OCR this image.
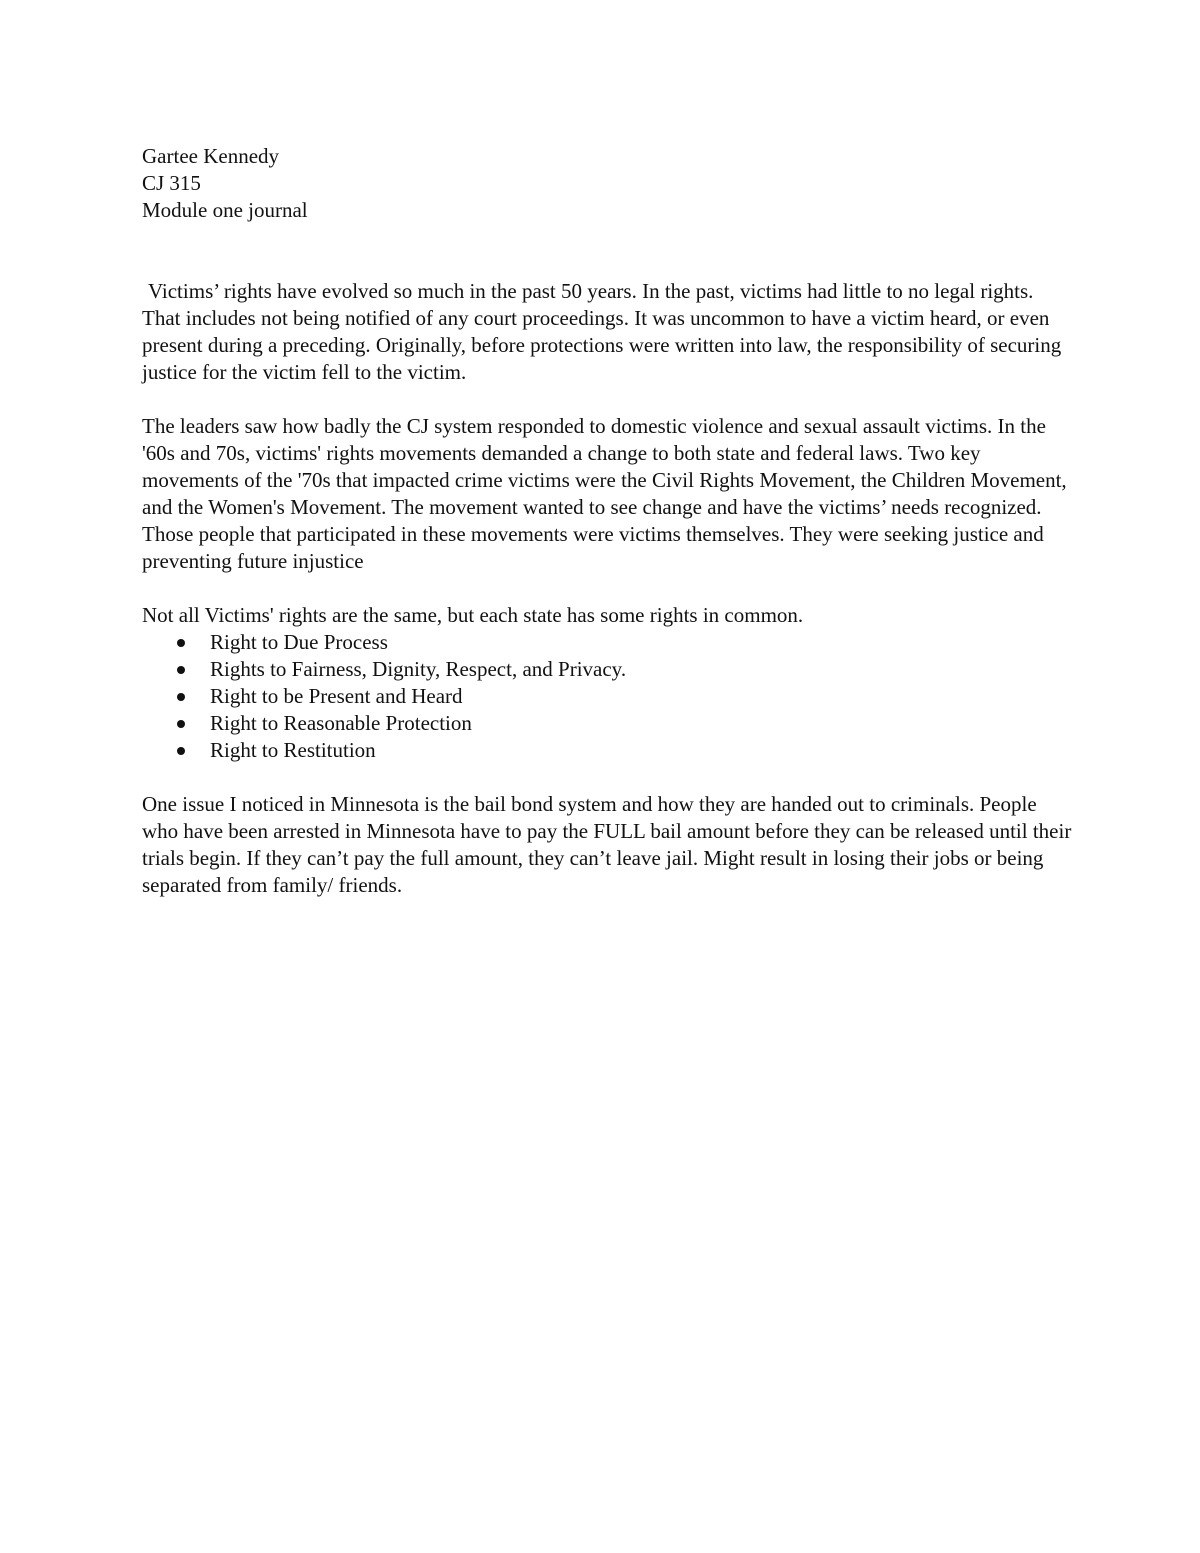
Gartee Kennedy
CJ 315
Module one journal

Victims’ rights have evolved so much in the past 50 years. In the past, victims had little to no legal rights. That includes not being notified of any court proceedings. It was uncommon to have a victim heard, or even present during a preceding. Originally, before protections were written into law, the responsibility of securing justice for the victim fell to the victim.

The leaders saw how badly the CJ system responded to domestic violence and sexual assault victims. In the '60s and 70s, victims' rights movements demanded a change to both state and federal laws. Two key movements of the '70s that impacted crime victims were the Civil Rights Movement, the Children Movement, and the Women's Movement. The movement wanted to see change and have the victims’ needs recognized. Those people that participated in these movements were victims themselves. They were seeking justice and preventing future injustice

Not all Victims' rights are the same, but each state has some rights in common.
Right to Due Process
Rights to Fairness, Dignity, Respect, and Privacy.
Right to be Present and Heard
Right to Reasonable Protection
Right to Restitution

One issue I noticed in Minnesota is the bail bond system and how they are handed out to criminals. People who have been arrested in Minnesota have to pay the FULL bail amount before they can be released until their trials begin. If they can’t pay the full amount, they can’t leave jail. Might result in losing their jobs or being separated from family/ friends.
